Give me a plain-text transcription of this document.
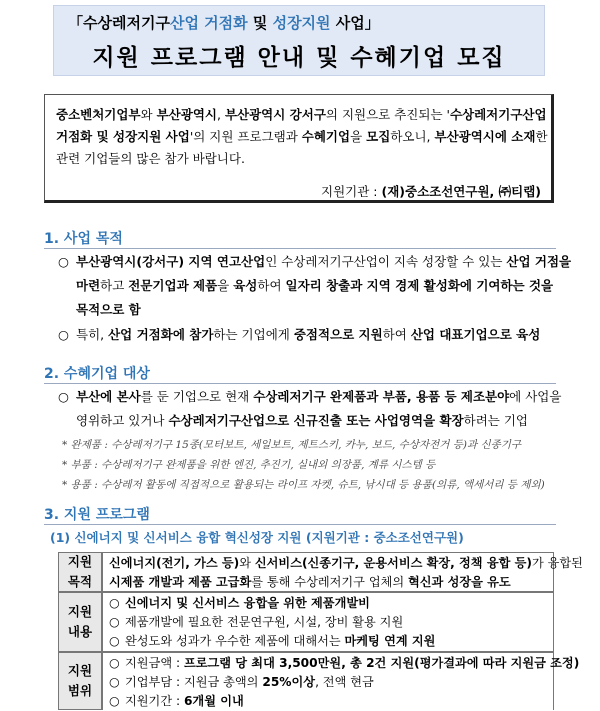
「수상레저기구산업 거점화 및 성장지원 사업」
지원 프로그램 안내 및 수혜기업 모집
중소벤처기업부와 부산광역시, 부산광역시 강서구의 지원으로 추진되는 '수상레저기구산업
거점화 및 성장지원 사업'의 지원 프로그램과 수혜기업을 모집하오니, 부산광역시에 소재한
관련 기업들의 많은 참가 바랍니다.
지원기관 : (재)중소조선연구원, ㈜티랩)
1. 사업 목적
○ 부산광역시(강서구) 지역 연고산업인 수상레저기구산업이 지속 성장할 수 있는 산업 거점을
마련하고 전문기업과 제품을 육성하여 일자리 창출과 지역 경제 활성화에 기여하는 것을
목적으로 함
○ 특히, 산업 거점화에 참가하는 기업에게 중점적으로 지원하여 산업 대표기업으로 육성
2. 수혜기업 대상
○ 부산에 본사를 둔 기업으로 현재 수상레저기구 완제품과 부품, 용품 등 제조분야에 사업을
영위하고 있거나 수상레저기구산업으로 신규진출 또는 사업영역을 확장하려는 기업
* 완제품 : 수상레저기구 15종(모터보트, 세일보트, 제트스키, 카누, 보드, 수상자전거 등)과 신종기구
* 부품 : 수상레저기구 완제품을 위한 엔진, 추진기, 실내외 의장품, 계류 시스템 등
* 용품 : 수상레저 활동에 직접적으로 활용되는 라이프 자켓, 슈트, 낚시대 등 용품(의류, 액세서리 등 제외)
3. 지원 프로그램
(1) 신에너지 및 신서비스 융합 혁신성장 지원 (지원기관 : 중소조선연구원)
지원
목적
신에너지(전기, 가스 등)와 신서비스(신종기구, 운용서비스 확장, 정책 융합 등)가 융합된
시제품 개발과 제품 고급화를 통해 수상레저기구 업체의 혁신과 성장을 유도
지원
내용
○ 신에너지 및 신서비스 융합을 위한 제품개발비
○ 제품개발에 필요한 전문연구원, 시설, 장비 활용 지원
○ 완성도와 성과가 우수한 제품에 대해서는 마케팅 연계 지원
지원
범위
○ 지원금액 : 프로그램 당 최대 3,500만원, 총 2건 지원(평가결과에 따라 지원금 조정)
○ 기업부담 : 지원금 총액의 25%이상, 전액 현금
○ 지원기간 : 6개월 이내
